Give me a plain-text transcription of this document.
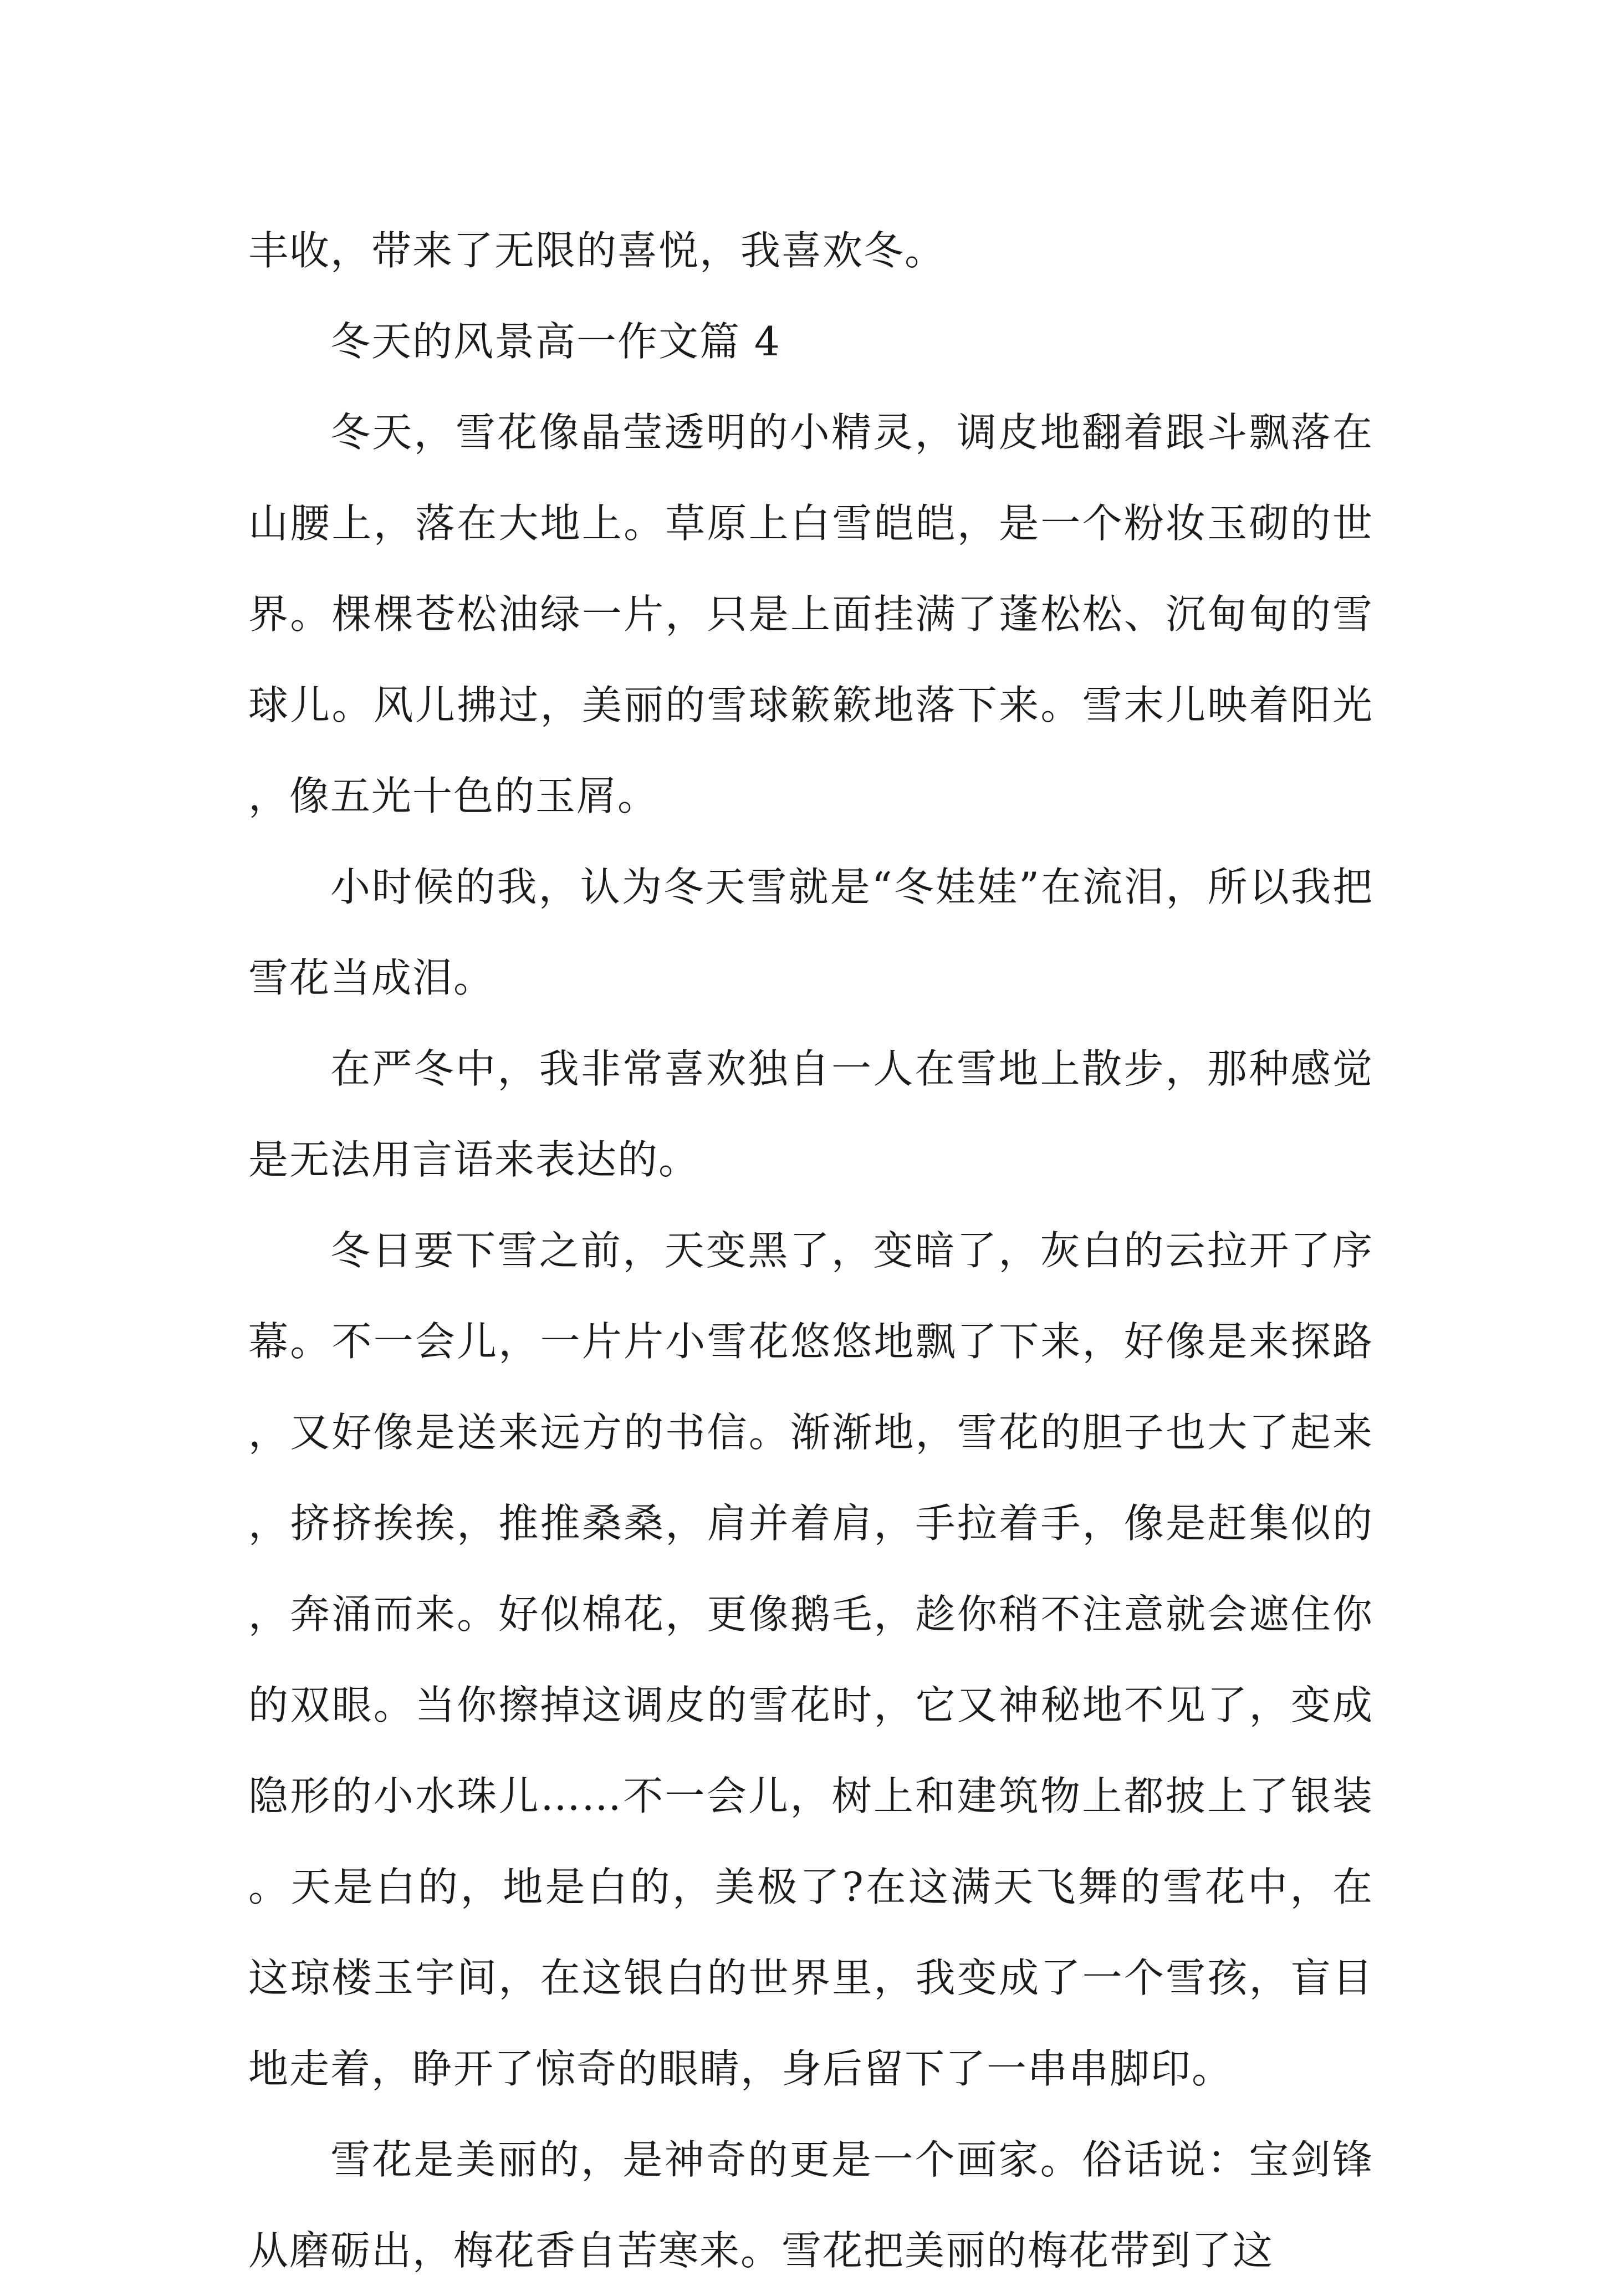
丰收，带来了无限的喜悦，我喜欢冬。

冬天的风景高一作文篇 4

冬天，雪花像晶莹透明的小精灵，调皮地翻着跟斗飘落在山腰上，落在大地上。草原上白雪皑皑，是一个粉妆玉砌的世界。棵棵苍松油绿一片，只是上面挂满了蓬松松、沉甸甸的雪球儿。风儿拂过，美丽的雪球簌簌地落下来。雪末儿映着阳光，像五光十色的玉屑。

小时候的我，认为冬天雪就是“冬娃娃”在流泪，所以我把雪花当成泪。

在严冬中，我非常喜欢独自一人在雪地上散步，那种感觉是无法用言语来表达的。

冬日要下雪之前，天变黑了，变暗了，灰白的云拉开了序幕。不一会儿，一片片小雪花悠悠地飘了下来，好像是来探路，又好像是送来远方的书信。渐渐地，雪花的胆子也大了起来，挤挤挨挨，推推桑桑，肩并着肩，手拉着手，像是赶集似的，奔涌而来。好似棉花，更像鹅毛，趁你稍不注意就会遮住你的双眼。当你擦掉这调皮的雪花时，它又神秘地不见了，变成隐形的小水珠儿……不一会儿，树上和建筑物上都披上了银装。天是白的，地是白的，美极了?在这满天飞舞的雪花中，在这琼楼玉宇间，在这银白的世界里，我变成了一个雪孩，盲目地走着，睁开了惊奇的眼睛，身后留下了一串串脚印。

雪花是美丽的，是神奇的更是一个画家。俗话说：宝剑锋从磨砺出，梅花香自苦寒来。雪花把美丽的梅花带到了这
